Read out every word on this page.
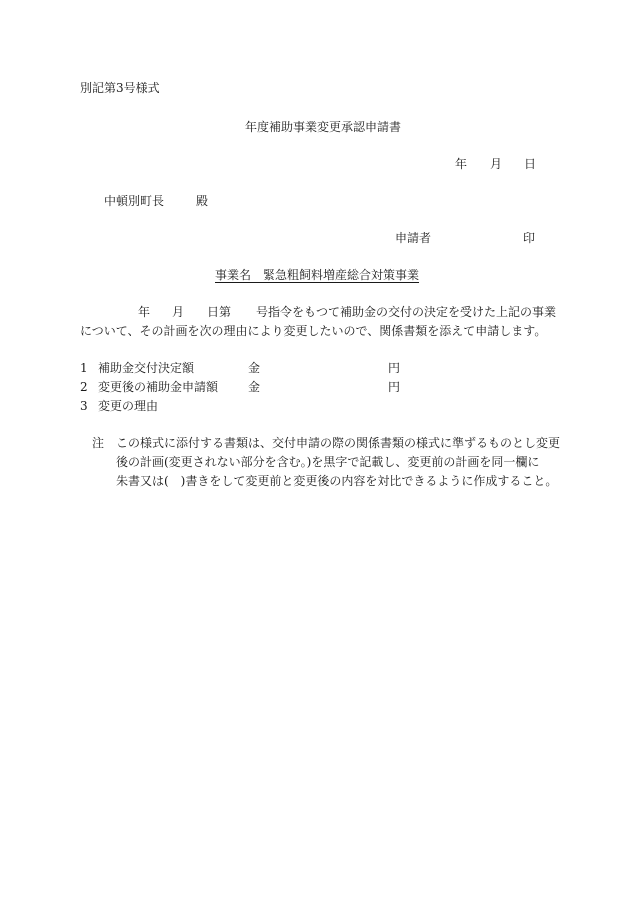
別記第3号様式
年度補助事業変更承認申請書
年 月 日
中頓別町長	殿
申請者	印
事業名　緊急粗飼料増産総合対策事業
年 月 日第 号指令をもつて補助金の交付の決定を受けた上記の事業
について、その計画を次の理由により変更したいので、関係書類を添えて申請します。
1 補助金交付決定額	金	円
2 変更後の補助金申請額 金	円
3 変更の理由
注 この様式に添付する書類は、交付申請の際の関係書類の様式に準ずるものとし変更
後の計画(変更されない部分を含む。)を黒字で記載し、変更前の計画を同一欄に
朱書又は(　)書きをして変更前と変更後の内容を対比できるように作成すること。
